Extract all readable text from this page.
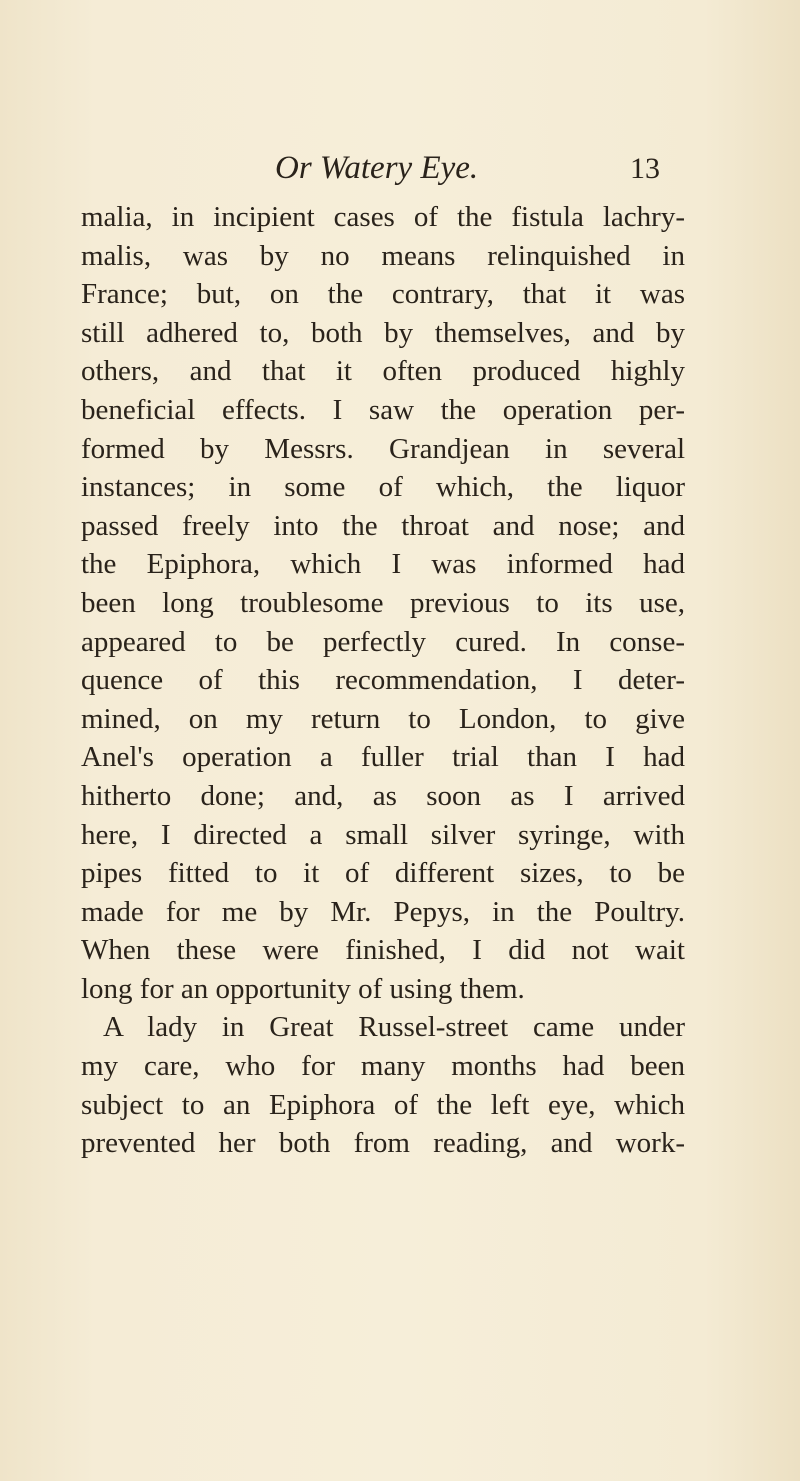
Or Watery Eye.	13
malia, in incipient cases of the fistula lachry-
malis, was by no means relinquished in
France; but, on the contrary, that it was
still adhered to, both by themselves, and by
others, and that it often produced highly
beneficial effects. I saw the operation per-
formed by Messrs. Grandjean in several
instances; in some of which, the liquor
passed freely into the throat and nose; and
the Epiphora, which I was informed had
been long troublesome previous to its use,
appeared to be perfectly cured. In conse-
quence of this recommendation, I deter-
mined, on my return to London, to give
Anel's operation a fuller trial than I had
hitherto done; and, as soon as I arrived
here, I directed a small silver syringe, with
pipes fitted to it of different sizes, to be
made for me by Mr. Pepys, in the Poultry.
When these were finished, I did not wait
long for an opportunity of using them.
A lady in Great Russel-street came under
my care, who for many months had been
subject to an Epiphora of the left eye, which
prevented her both from reading, and work-
